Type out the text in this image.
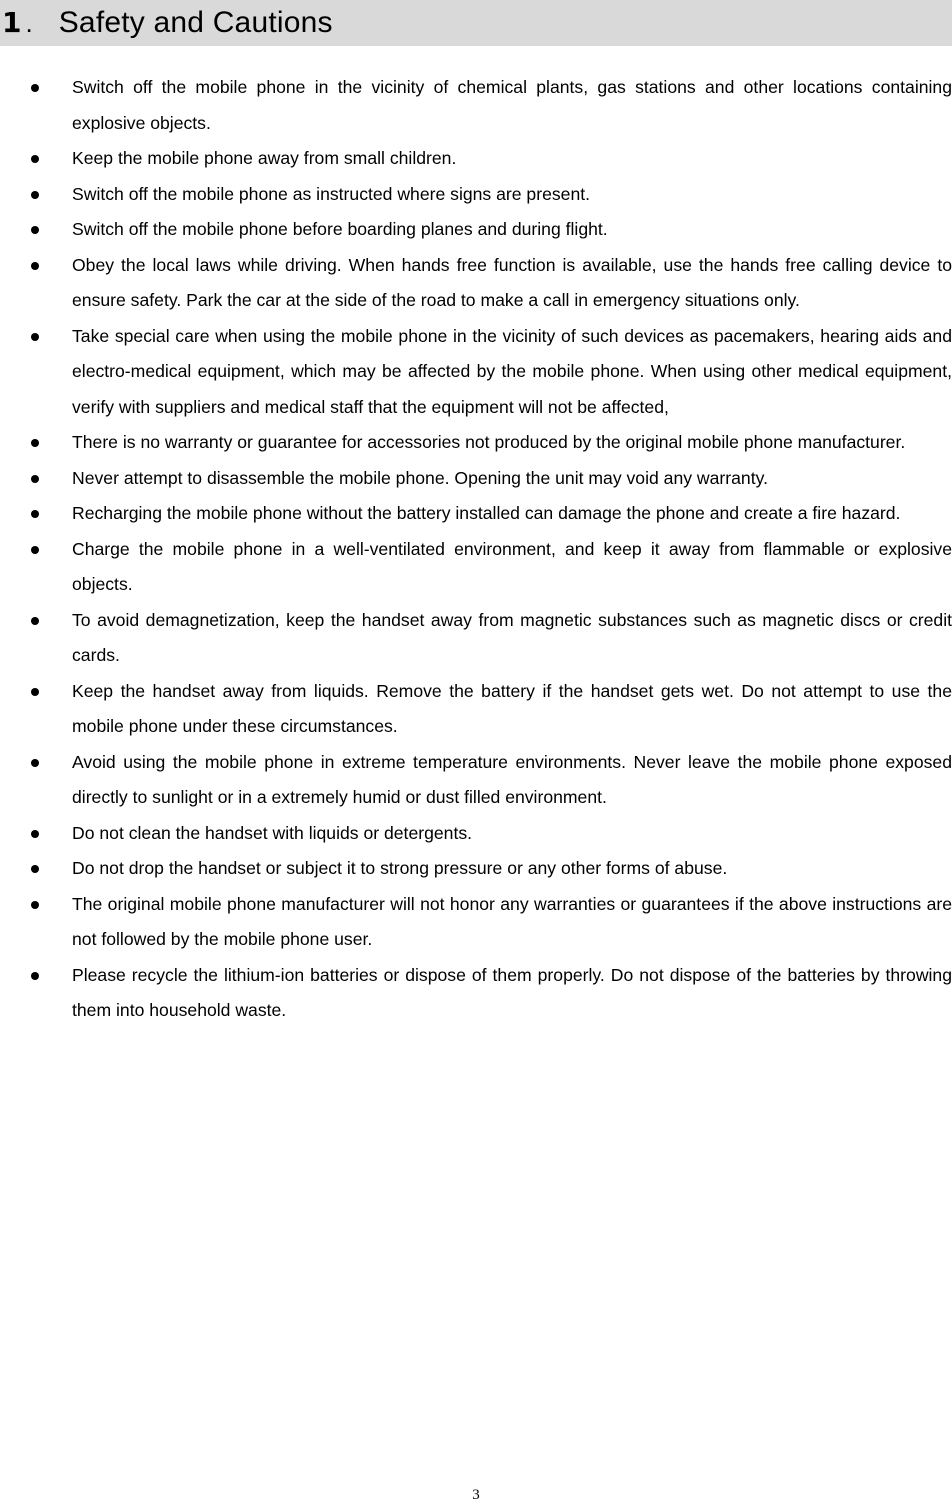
1 . Safety and Cautions
Switch off the mobile phone in the vicinity of chemical plants, gas stations and other locations containing explosive objects.
Keep the mobile phone away from small children.
Switch off the mobile phone as instructed where signs are present.
Switch off the mobile phone before boarding planes and during flight.
Obey the local laws while driving. When hands free function is available, use the hands free calling device to ensure safety. Park the car at the side of the road to make a call in emergency situations only.
Take special care when using the mobile phone in the vicinity of such devices as pacemakers, hearing aids and electro-medical equipment, which may be affected by the mobile phone. When using other medical equipment, verify with suppliers and medical staff that the equipment will not be affected,
There is no warranty or guarantee for accessories not produced by the original mobile phone manufacturer.
Never attempt to disassemble the mobile phone. Opening the unit may void any warranty.
Recharging the mobile phone without the battery installed can damage the phone and create a fire hazard.
Charge the mobile phone in a well-ventilated environment, and keep it away from flammable or explosive objects.
To avoid demagnetization, keep the handset away from magnetic substances such as magnetic discs or credit cards.
Keep the handset away from liquids. Remove the battery if the handset gets wet. Do not attempt to use the mobile phone under these circumstances.
Avoid using the mobile phone in extreme temperature environments. Never leave the mobile phone exposed directly to sunlight or in a extremely humid or dust filled environment.
Do not clean the handset with liquids or detergents.
Do not drop the handset or subject it to strong pressure or any other forms of abuse.
The original mobile phone manufacturer will not honor any warranties or guarantees if the above instructions are not followed by the mobile phone user.
Please recycle the lithium-ion batteries or dispose of them properly. Do not dispose of the batteries by throwing them into household waste.
3
